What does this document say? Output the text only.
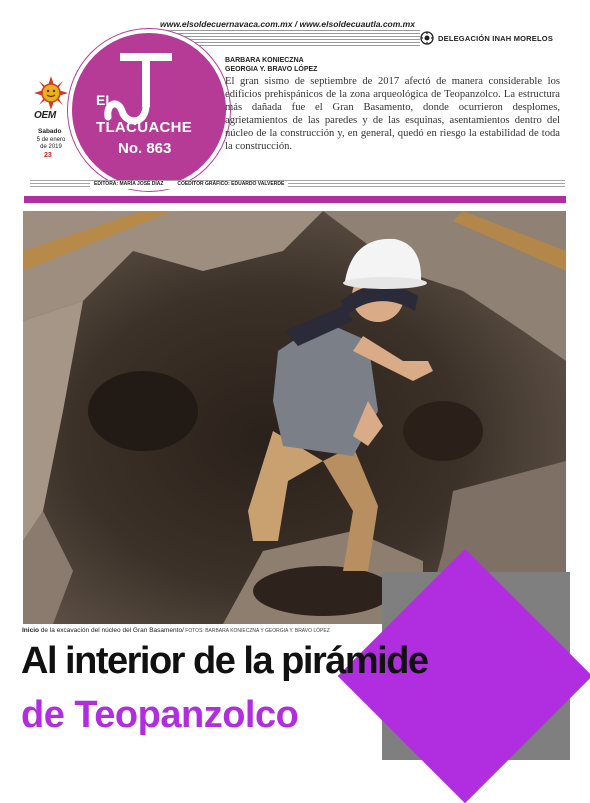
www.elsoldecuernavaca.com.mx / www.elsoldecuautla.com.mx
DELEGACIÓN INAH MORELOS
OEM
Sabado
5 de enero de 2019
23
EL
TLACUACHE
No. 863
BARBARA KONIECZNA
GEORGIA Y. BRAVO LÓPEZ
El gran sismo de septiembre de 2017 afectó de manera considerable los edificios prehispánicos de la zona arqueológica de Teopanzolco. La estructura más dañada fue el Gran Basamento, donde ocurrieron desplomes, agrietamientos de las paredes y de las esquinas, asentamientos dentro del núcleo de la construcción y, en general, quedó en riesgo la estabilidad de toda la construcción.
EDITORA: MARÍA JOSÉ DÍAZ          COEDITOR GRÁFICO: EDUARDO VALVERDE
Inicio de la excavación del núcleo del Gran Basamento/ FOTOS: BARBARA KONIECZNA Y GEORGIA Y. BRAVO LÓPEZ
Al interior de la pirámide
de Teopanzolco
